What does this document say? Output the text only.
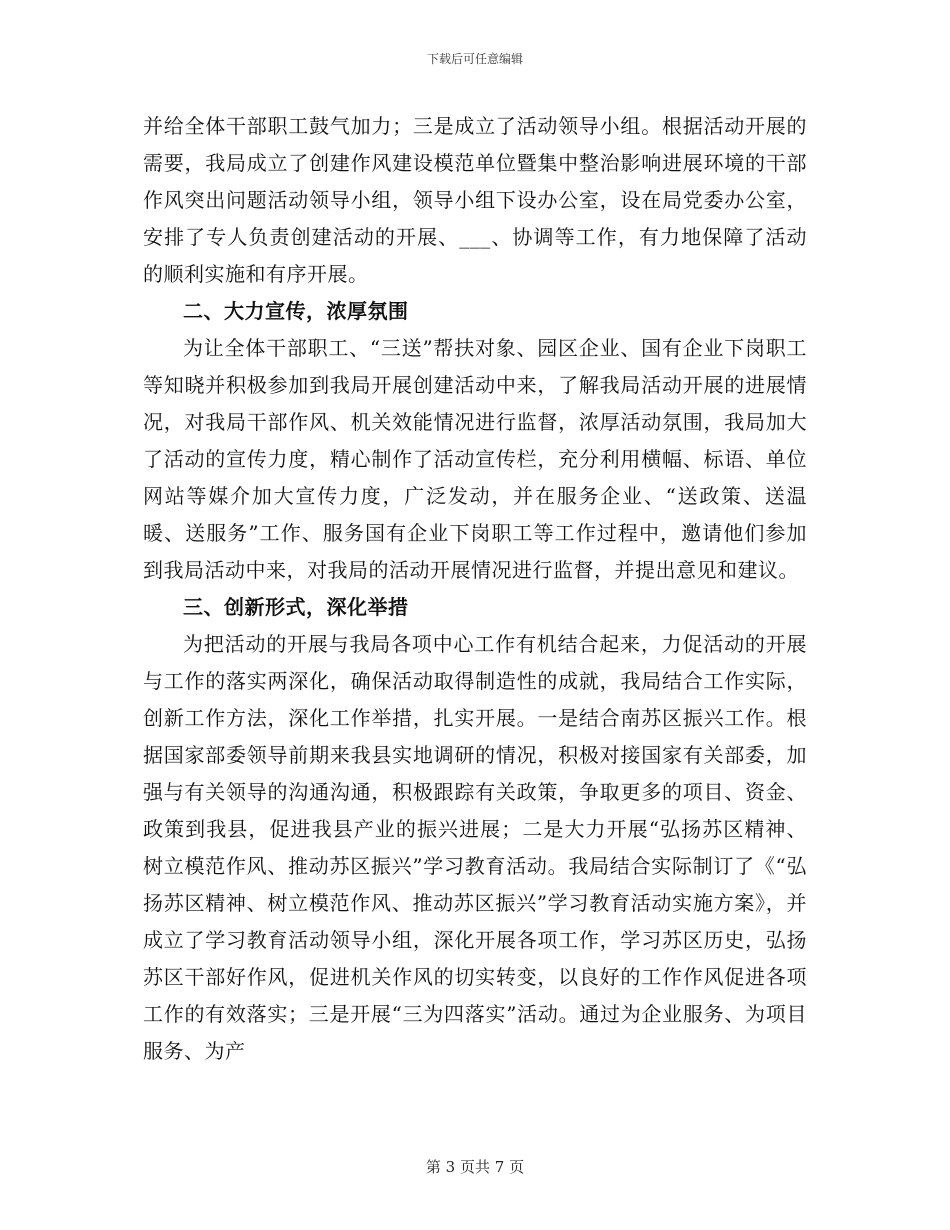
下载后可任意编辑

并给全体干部职工鼓气加力；三是成立了活动领导小组。根据活动开展的需要，我局成立了创建作风建设模范单位暨集中整治影响进展环境的干部作风突出问题活动领导小组，领导小组下设办公室，设在局党委办公室，安排了专人负责创建活动的开展、___、协调等工作，有力地保障了活动的顺利实施和有序开展。

二、大力宣传，浓厚氛围

为让全体干部职工、“三送”帮扶对象、园区企业、国有企业下岗职工等知晓并积极参加到我局开展创建活动中来，了解我局活动开展的进展情况，对我局干部作风、机关效能情况进行监督，浓厚活动氛围，我局加大了活动的宣传力度，精心制作了活动宣传栏，充分利用横幅、标语、单位网站等媒介加大宣传力度，广泛发动，并在服务企业、“送政策、送温暖、送服务”工作、服务国有企业下岗职工等工作过程中，邀请他们参加到我局活动中来，对我局的活动开展情况进行监督，并提出意见和建议。

三、创新形式，深化举措

为把活动的开展与我局各项中心工作有机结合起来，力促活动的开展与工作的落实两深化，确保活动取得制造性的成就，我局结合工作实际，创新工作方法，深化工作举措，扎实开展。一是结合南苏区振兴工作。根据国家部委领导前期来我县实地调研的情况，积极对接国家有关部委，加强与有关领导的沟通沟通，积极跟踪有关政策，争取更多的项目、资金、政策到我县，促进我县产业的振兴进展；二是大力开展“弘扬苏区精神、树立模范作风、推动苏区振兴”学习教育活动。我局结合实际制订了《“弘扬苏区精神、树立模范作风、推动苏区振兴”学习教育活动实施方案》，并成立了学习教育活动领导小组，深化开展各项工作，学习苏区历史，弘扬苏区干部好作风，促进机关作风的切实转变，以良好的工作作风促进各项工作的有效落实；三是开展“三为四落实”活动。通过为企业服务、为项目服务、为产

第 3 页共 7 页
